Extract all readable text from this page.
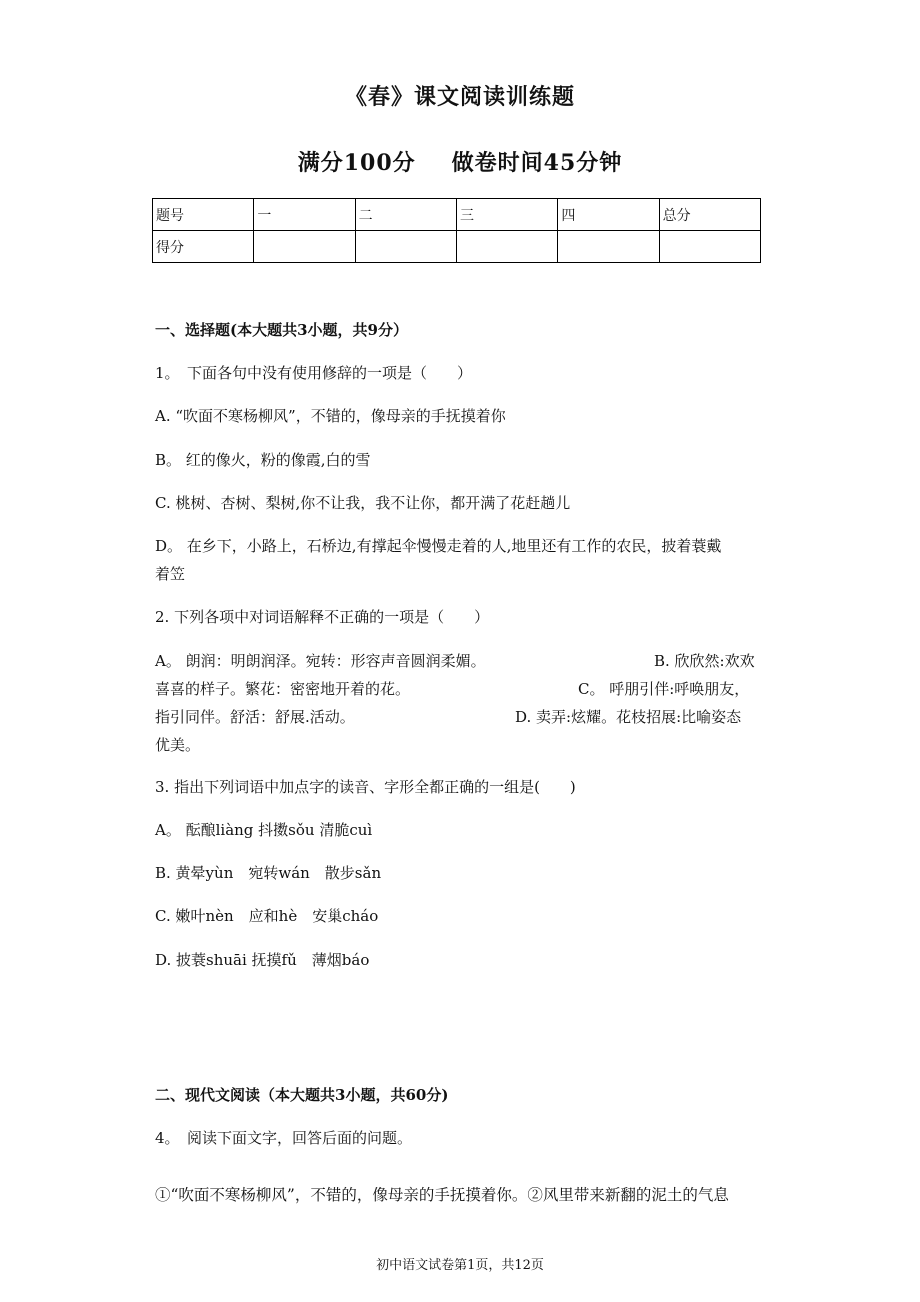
《春》课文阅读训练题
满分100分 做卷时间45分钟
题号	一	二	三	四	总分
得分					
一、选择题(本大题共3小题，共9分）
1。　下面各句中没有使用修辞的一项是（　　）
A. “吹面不寒杨柳风”，不错的，像母亲的手抚摸着你
B。 红的像火，粉的像霞,白的雪
C. 桃树、杏树、梨树,你不让我，我不让你，都开满了花赶趟儿
D。 在乡下，小路上，石桥边,有撑起伞慢慢走着的人,地里还有工作的农民，披着蓑戴
着笠
2. 下列各项中对词语解释不正确的一项是（　　）
A。 朗润：明朗润泽。宛转：形容声音圆润柔媚。	B. 欣欣然:欢欢
喜喜的样子。繁花：密密地开着的花。	C。 呼朋引伴:呼唤朋友，
指引同伴。舒活：舒展.活动。	D. 卖弄:炫耀。花枝招展:比喻姿态
优美。
3. 指出下列词语中加点字的读音、字形全都正确的一组是(　　)
A。 酝酿liàng 抖擞sǒu 清脆cuì
B. 黄晕yùn　宛转wán　散步sǎn
C. 嫩叶nèn　应和hè　安巢cháo
D. 披蓑shuāi 抚摸fǔ　薄烟báo
二、现代文阅读（本大题共3小题，共60分)
4。　阅读下面文字，回答后面的问题。
①“吹面不寒杨柳风”，不错的，像母亲的手抚摸着你。②风里带来新翻的泥土的气息
初中语文试卷第1页，共12页
